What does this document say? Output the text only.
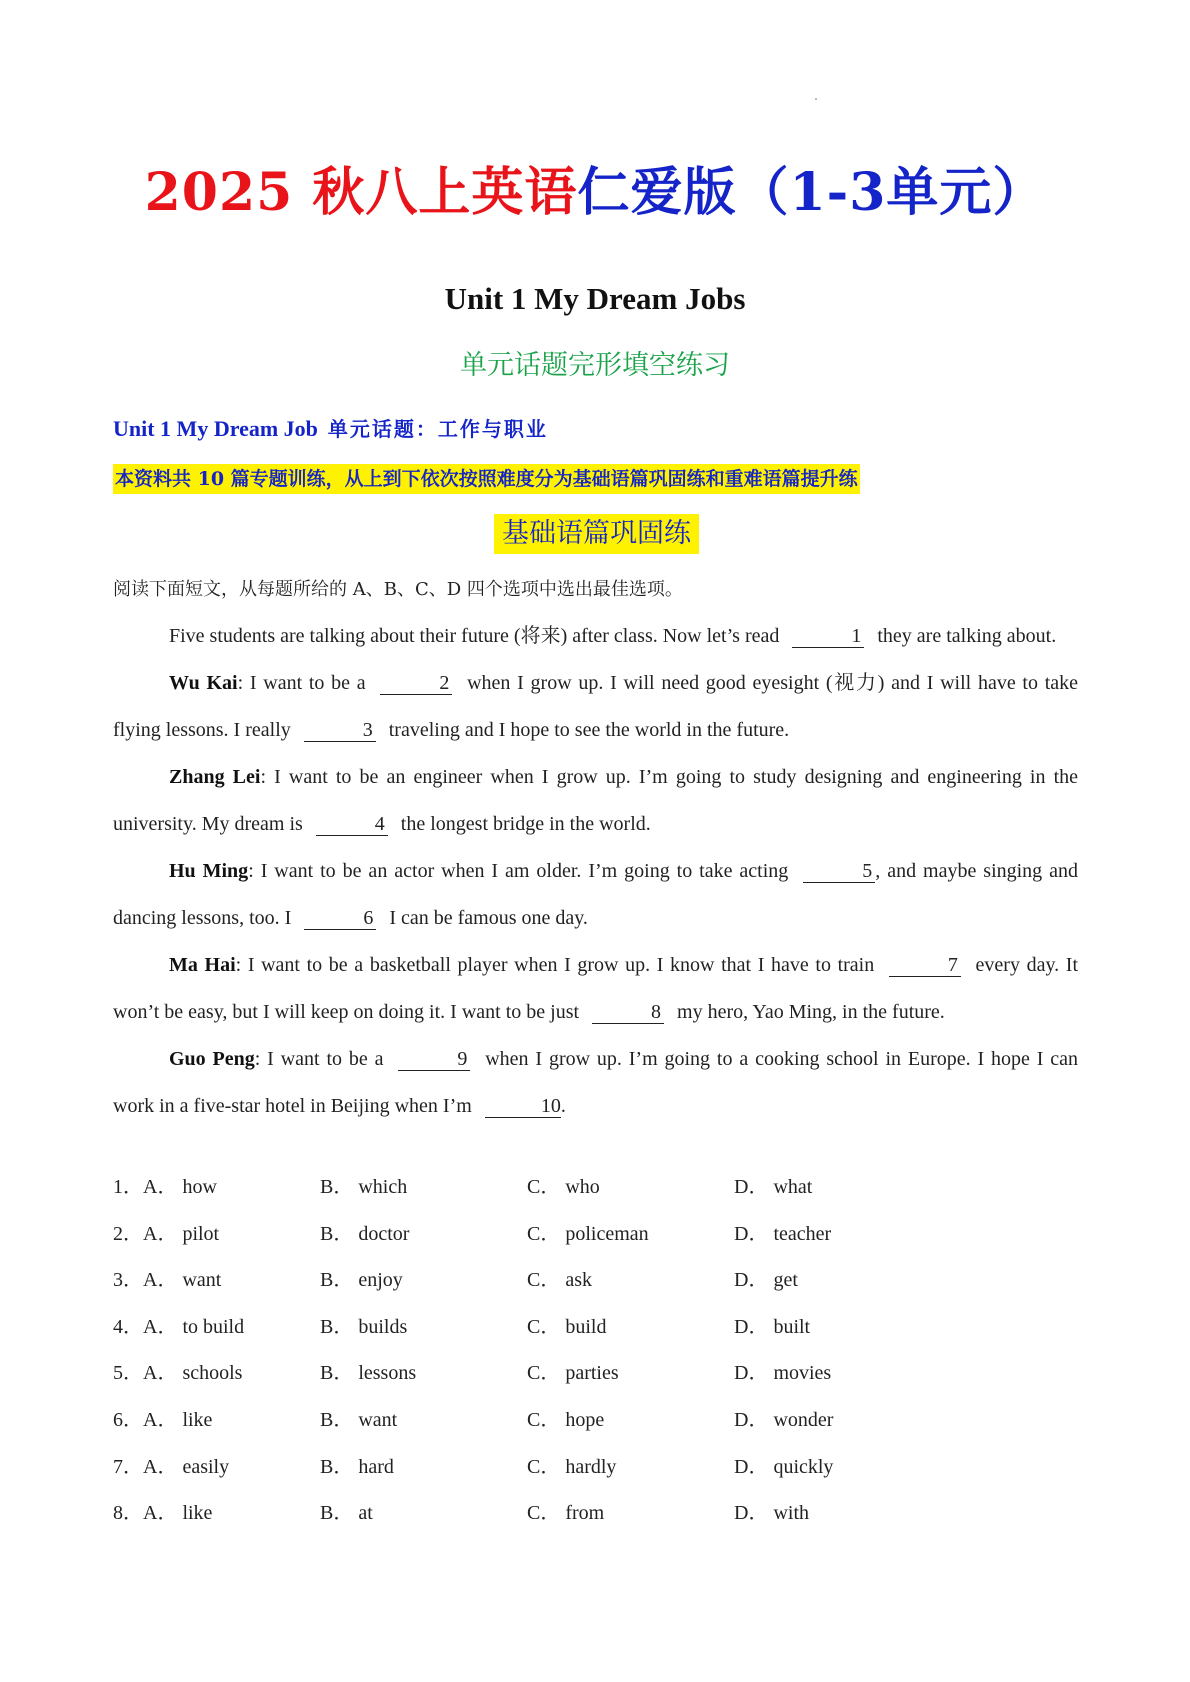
2025 秋八上英语仁爱版（1-3单元）
Unit 1 My Dream Jobs
单元话题完形填空练习
Unit 1 My Dream Job 单元话题：工作与职业
本资料共 10 篇专题训练，从上到下依次按照难度分为基础语篇巩固练和重难语篇提升练
基础语篇巩固练
阅读下面短文，从每题所给的 A、B、C、D 四个选项中选出最佳选项。

Five students are talking about their future (将来) after class. Now let’s read	1 they are talking about.

Wu Kai: I want to be a	2 when I grow up. I will need good eyesight (视力) and I will have to take flying lessons. I really	3 traveling and I hope to see the world in the future.

Zhang Lei: I want to be an engineer when I grow up. I’m going to study designing and engineering in the university. My dream is	4 the longest bridge in the world.

Hu Ming: I want to be an actor when I am older. I’m going to take acting	5 , and maybe singing and dancing lessons, too. I	6 I can be famous one day.

Ma Hai: I want to be a basketball player when I grow up. I know that I have to train	7 every day. It won’t be easy, but I will keep on doing it. I want to be just	8 my hero, Yao Ming, in the future.

Guo Peng: I want to be a	9 when I grow up. I’m going to a cooking school in Europe. I hope I can work in a five-star hotel in Beijing when I’m	10.

1．A． how	B． which	C． who	D． what
2．A． pilot	B． doctor	C． policeman	D． teacher
3．A． want	B． enjoy	C． ask	D． get
4．A． to build	B． builds	C． build	D． built
5．A． schools	B． lessons	C． parties	D． movies
6．A． like	B． want	C． hope	D． wonder
7．A． easily	B． hard	C． hardly	D． quickly
8．A． like	B． at	C． from	D． with
